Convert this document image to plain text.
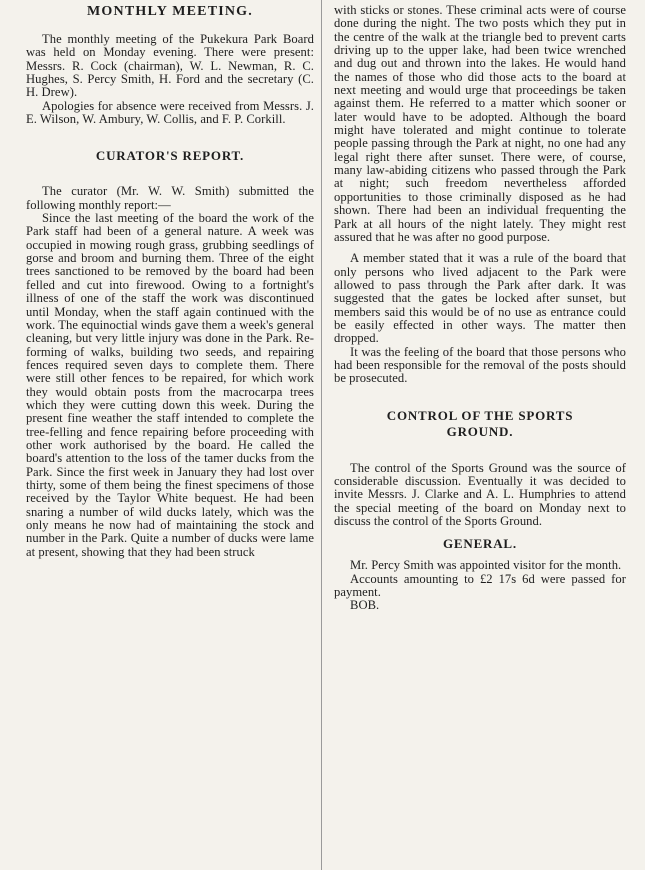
MONTHLY MEETING.

The monthly meeting of the Pukekura Park Board was held on Monday evening. There were present: Messrs. R. Cock (chairman), W. L. Newman, R. C. Hughes, S. Percy Smith, H. Ford and the secretary (C. H. Drew).

Apologies for absence were received from Messrs. J. E. Wilson, W. Ambury, W. Collis, and F. P. Corkill.

CURATOR'S REPORT.

The curator (Mr. W. W. Smith) submitted the following monthly report:—

Since the last meeting of the board the work of the Park staff had been of a general nature. A week was occupied in mowing rough grass, grubbing seedlings of gorse and broom and burning them. Three of the eight trees sanctioned to be removed by the board had been felled and cut into firewood. Owing to a fortnight's illness of one of the staff the work was discontinued until Monday, when the staff again continued with the work. The equinoctial winds gave them a week's general cleaning, but very little injury was done in the Park. Re-forming of walks, building two seeds, and repairing fences required seven days to complete them. There were still other fences to be repaired, for which work they would obtain posts from the macrocarpa trees which they were cutting down this week. During the present fine weather the staff intended to complete the tree-felling and fence repairing before proceeding with other work authorised by the board. He called the board's attention to the loss of the tamer ducks from the Park. Since the first week in January they had lost over thirty, some of them being the finest specimens of those received by the Taylor White bequest. He had been snaring a number of wild ducks lately, which was the only means he now had of maintaining the stock and number in the Park. Quite a number of ducks were lame at present, showing that they had been struck

with sticks or stones. These criminal acts were of course done during the night. The two posts which they put in the centre of the walk at the triangle bed to prevent carts driving up to the upper lake, had been twice wrenched and dug out and thrown into the lakes. He would hand the names of those who did those acts to the board at next meeting and would urge that proceedings be taken against them. He referred to a matter which sooner or later would have to be adopted. Although the board might have tolerated and might continue to tolerate people passing through the Park at night, no one had any legal right there after sunset. There were, of course, many law-abiding citizens who passed through the Park at night; such freedom nevertheless afforded opportunities to those criminally disposed as he had shown. There had been an individual frequenting the Park at all hours of the night lately. They might rest assured that he was after no good purpose.

A member stated that it was a rule of the board that only persons who lived adjacent to the Park were allowed to pass through the Park after dark. It was suggested that the gates be locked after sunset, but members said this would be of no use as entrance could be easily effected in other ways. The matter then dropped.

It was the feeling of the board that those persons who had been responsible for the removal of the posts should be prosecuted.

CONTROL OF THE SPORTS
GROUND.

The control of the Sports Ground was the source of considerable discussion. Eventually it was decided to invite Messrs. J. Clarke and A. L. Humphries to attend the special meeting of the board on Monday next to discuss the control of the Sports Ground.

GENERAL.

Mr. Percy Smith was appointed visitor for the month.

Accounts amounting to £2 17s 6d were passed for payment.

BOB.
